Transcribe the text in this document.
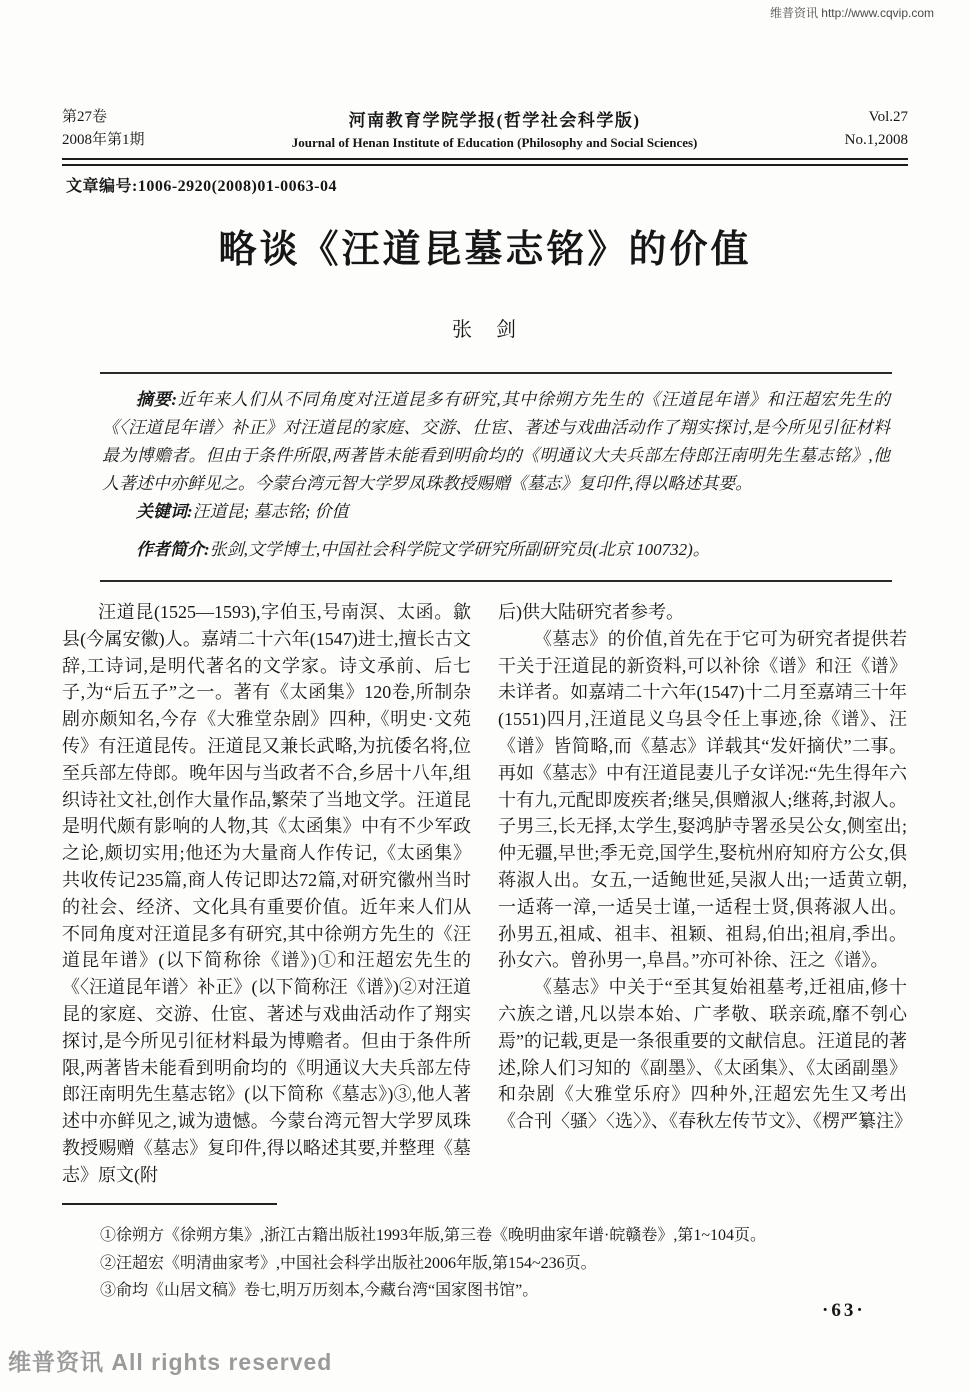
维普资讯 http://www.cqvip.com
第27卷
2008年第1期
河南教育学院学报(哲学社会科学版)
Journal of Henan Institute of Education (Philosophy and Social Sciences)
Vol.27
No.1,2008
文章编号:1006-2920(2008)01-0063-04
略谈《汪道昆墓志铭》的价值
张　剑

摘要:近年来人们从不同角度对汪道昆多有研究,其中徐朔方先生的《汪道昆年谱》和汪超宏先生的《〈汪道昆年谱〉补正》对汪道昆的家庭、交游、仕宦、著述与戏曲活动作了翔实探讨,是今所见引征材料最为博赡者。但由于条件所限,两著皆未能看到明俞均的《明通议大夫兵部左侍郎汪南明先生墓志铭》,他人著述中亦鲜见之。今蒙台湾元智大学罗凤珠教授赐赠《墓志》复印件,得以略述其要。

关键词:汪道昆; 墓志铭; 价值

作者简介:张剑,文学博士,中国社会科学院文学研究所副研究员(北京 100732)。

汪道昆(1525—1593),字伯玉,号南溟、太函。歙县(今属安徽)人。嘉靖二十六年(1547)进士,擅长古文辞,工诗词,是明代著名的文学家。诗文承前、后七子,为“后五子”之一。著有《太函集》120卷,所制杂剧亦颇知名,今存《大雅堂杂剧》四种,《明史·文苑传》有汪道昆传。汪道昆又兼长武略,为抗倭名将,位至兵部左侍郎。晚年因与当政者不合,乡居十八年,组织诗社文社,创作大量作品,繁荣了当地文学。汪道昆是明代颇有影响的人物,其《太函集》中有不少军政之论,颇切实用;他还为大量商人作传记,《太函集》共收传记235篇,商人传记即达72篇,对研究徽州当时的社会、经济、文化具有重要价值。近年来人们从不同角度对汪道昆多有研究,其中徐朔方先生的《汪道昆年谱》(以下简称徐《谱》)①和汪超宏先生的《〈汪道昆年谱〉补正》(以下简称汪《谱》)②对汪道昆的家庭、交游、仕宦、著述与戏曲活动作了翔实探讨,是今所见引征材料最为博赡者。但由于条件所限,两著皆未能看到明俞均的《明通议大夫兵部左侍郎汪南明先生墓志铭》(以下简称《墓志》)③,他人著述中亦鲜见之,诚为遗憾。今蒙台湾元智大学罗凤珠教授赐赠《墓志》复印件,得以略述其要,并整理《墓志》原文(附

后)供大陆研究者参考。

《墓志》的价值,首先在于它可为研究者提供若干关于汪道昆的新资料,可以补徐《谱》和汪《谱》未详者。如嘉靖二十六年(1547)十二月至嘉靖三十年(1551)四月,汪道昆义乌县令任上事迹,徐《谱》、汪《谱》皆简略,而《墓志》详载其“发奸摘伏”二事。再如《墓志》中有汪道昆妻儿子女详况:“先生得年六十有九,元配即废疾者;继吴,俱赠淑人;继蒋,封淑人。子男三,长无择,太学生,娶鸿胪寺署丞吴公女,侧室出;仲无疆,早世;季无竞,国学生,娶杭州府知府方公女,俱蒋淑人出。女五,一适鲍世延,吴淑人出;一适黄立朝,一适蒋一漳,一适吴士谨,一适程士贤,俱蒋淑人出。孙男五,祖咸、祖丰、祖颖、祖舄,伯出;祖肩,季出。孙女六。曾孙男一,阜昌。”亦可补徐、汪之《谱》。

《墓志》中关于“至其复始祖墓考,迁祖庙,修十六族之谱,凡以崇本始、广孝敬、联亲疏,靡不刳心焉”的记载,更是一条很重要的文献信息。汪道昆的著述,除人们习知的《副墨》、《太函集》、《太函副墨》和杂剧《大雅堂乐府》四种外,汪超宏先生又考出《合刊〈骚〉〈选〉》、《春秋左传节文》、《楞严纂注》

①徐朔方《徐朔方集》,浙江古籍出版社1993年版,第三卷《晚明曲家年谱·皖赣卷》,第1~104页。

②汪超宏《明清曲家考》,中国社会科学出版社2006年版,第154~236页。

③俞均《山居文稿》卷七,明万历刻本,今藏台湾“国家图书馆”。

·63·
维普资讯 All rights reserved
